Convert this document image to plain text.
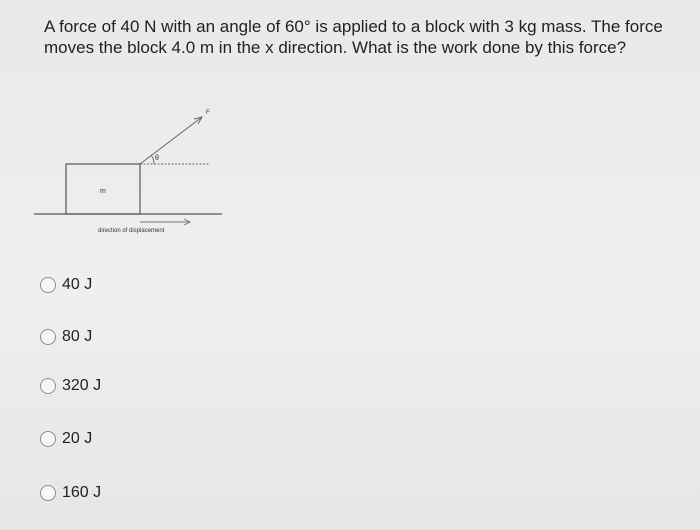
A force of 40 N with an angle of 60° is applied to a block with 3 kg mass. The force
moves the block 4.0 m in the x direction. What is the work done by this force?
m
F
θ
direction of displacement
40 J
80 J
320 J
20 J
160 J
